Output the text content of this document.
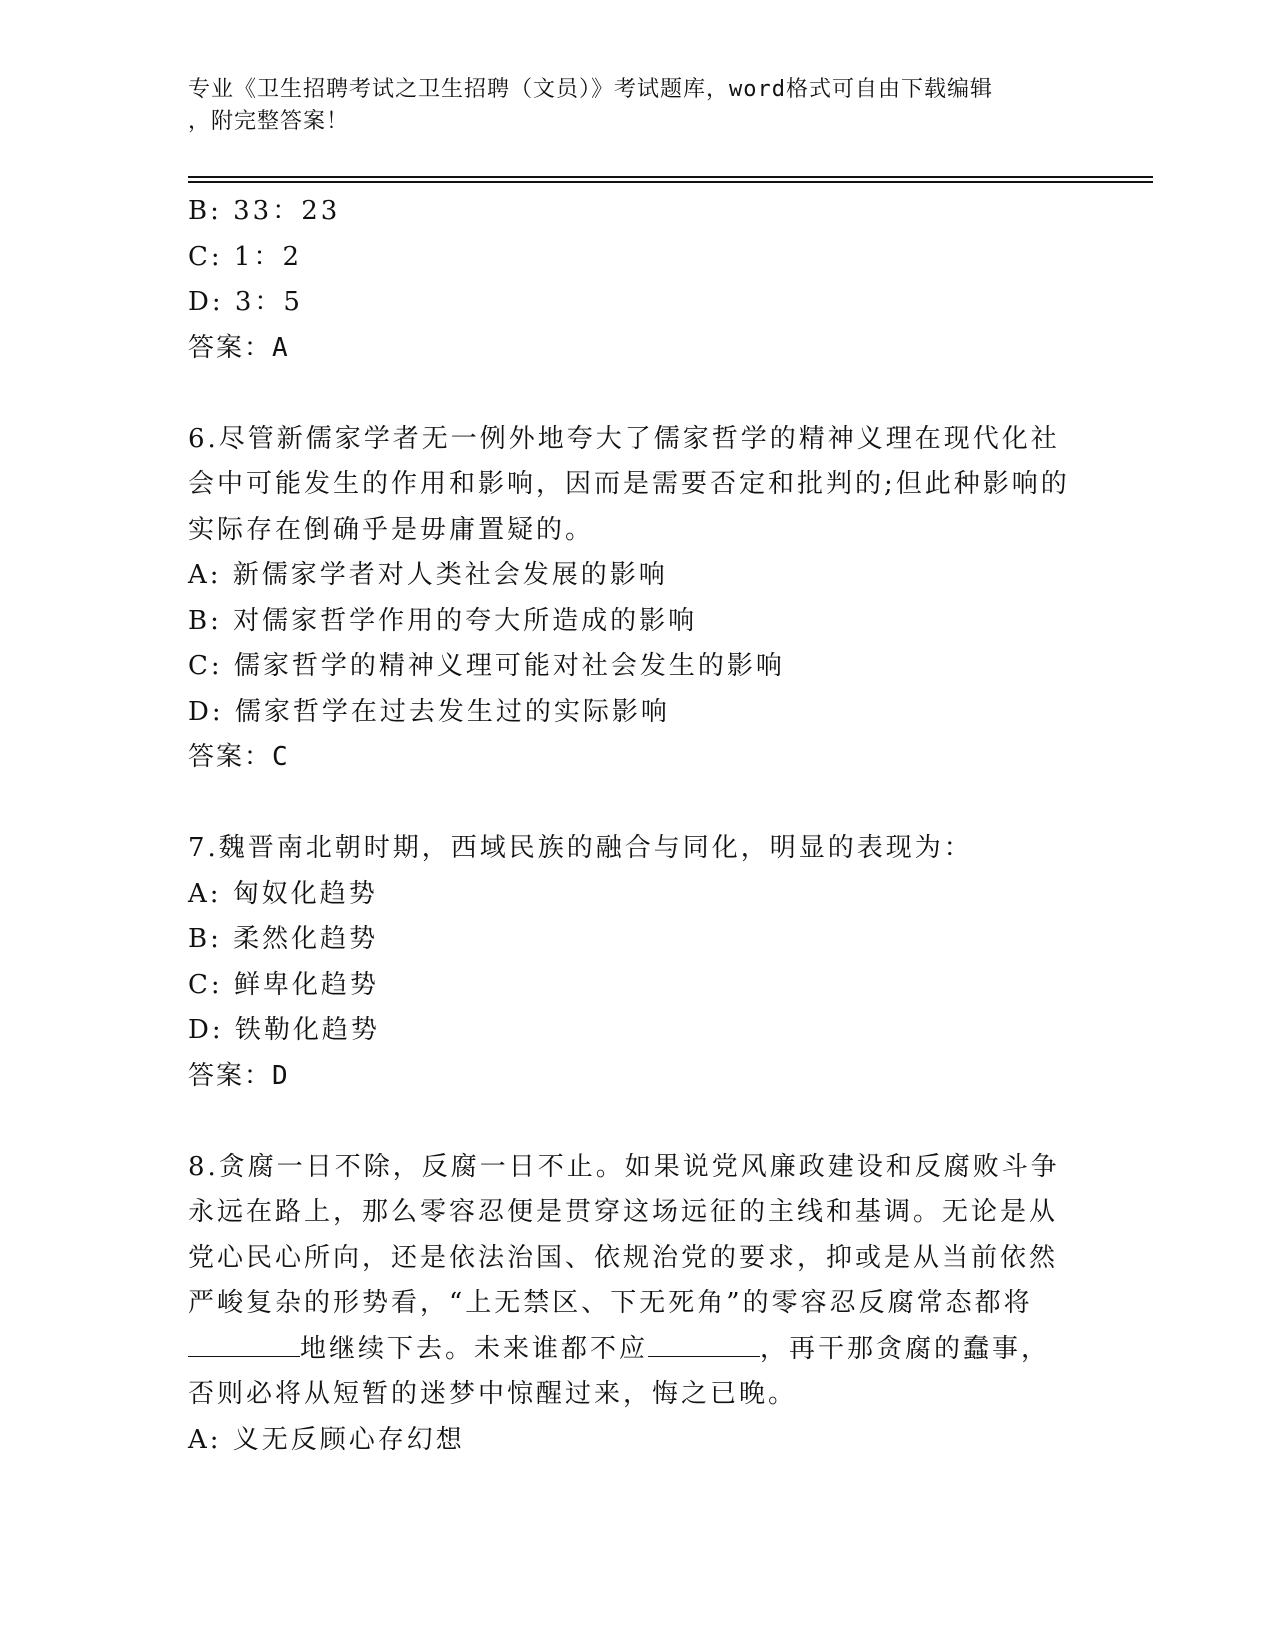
专业《卫生招聘考试之卫生招聘（文员）》考试题库，word格式可自由下载编辑
，附完整答案！
B: 33：23
C: 1：2
D: 3：5
答案：A
6.尽管新儒家学者无一例外地夸大了儒家哲学的精神义理在现代化社
会中可能发生的作用和影响，因而是需要否定和批判的;但此种影响的
实际存在倒确乎是毋庸置疑的。
A: 新儒家学者对人类社会发展的影响
B: 对儒家哲学作用的夸大所造成的影响
C: 儒家哲学的精神义理可能对社会发生的影响
D: 儒家哲学在过去发生过的实际影响
答案：C
7.魏晋南北朝时期，西域民族的融合与同化，明显的表现为：
A: 匈奴化趋势
B: 柔然化趋势
C: 鲜卑化趋势
D: 铁勒化趋势
答案：D
8.贪腐一日不除，反腐一日不止。如果说党风廉政建设和反腐败斗争
永远在路上，那么零容忍便是贯穿这场远征的主线和基调。无论是从
党心民心所向，还是依法治国、依规治党的要求，抑或是从当前依然
严峻复杂的形势看，“上无禁区、下无死角”的零容忍反腐常态都将
地继续下去。未来谁都不应	，再干那贪腐的蠢事，
否则必将从短暂的迷梦中惊醒过来，悔之已晚。
A: 义无反顾心存幻想
